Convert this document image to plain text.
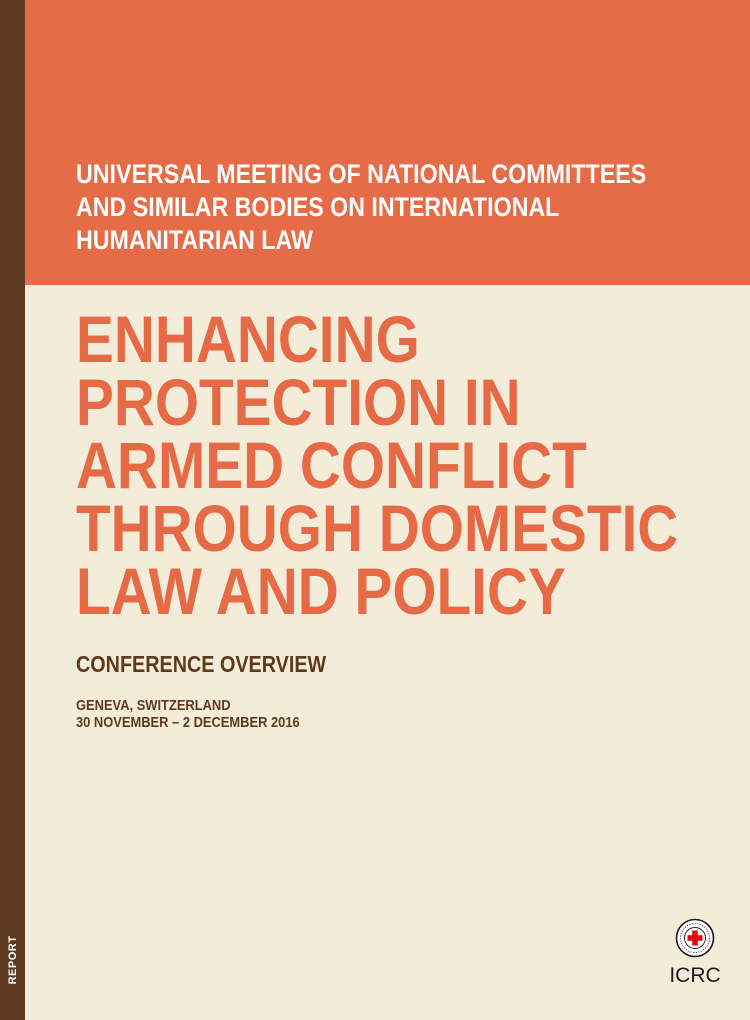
REPORT
UNIVERSAL MEETING OF NATIONAL COMMITTEES
AND SIMILAR BODIES ON INTERNATIONAL
HUMANITARIAN LAW
ENHANCING
PROTECTION IN
ARMED CONFLICT
THROUGH DOMESTIC
LAW AND POLICY
CONFERENCE OVERVIEW
GENEVA, SWITZERLAND
30 NOVEMBER – 2 DECEMBER 2016
ICRC
